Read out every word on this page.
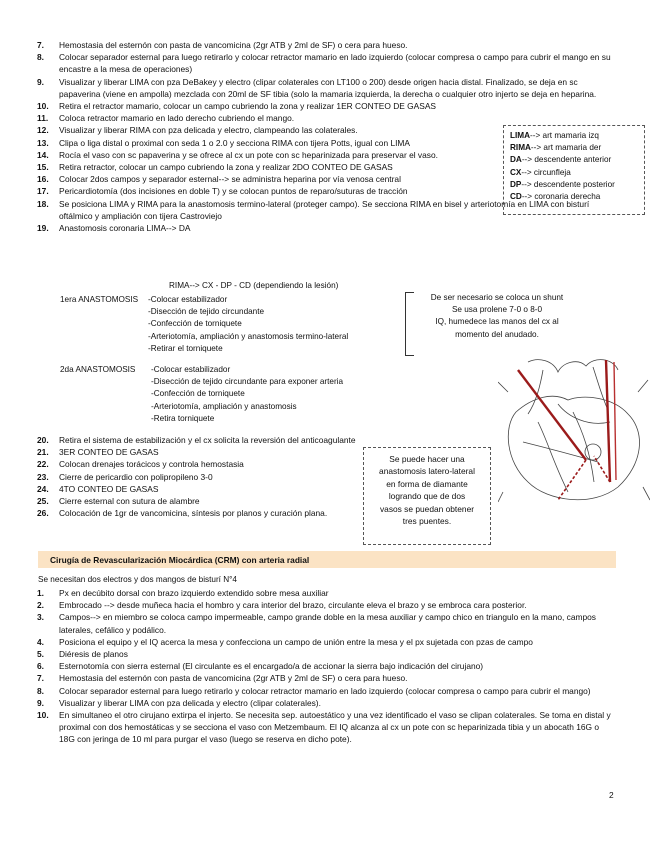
7. Hemostasia del esternón con pasta de vancomicina (2gr ATB y 2ml de SF) o cera para hueso.
8. Colocar separador esternal para luego retirarlo y colocar retractor mamario en lado izquierdo (colocar compresa o campo para cubrir el mango en su encastre a la mesa de operaciones)
9. Visualizar y liberar LIMA con pza DeBakey y electro (clipar colaterales con LT100 o 200) desde origen hacia distal. Finalizado, se deja en sc papaverina (viene en ampolla) mezclada con 20ml de SF tibia (solo la mamaria izquierda, la derecha o cualquier otro injerto se deja en heparina.
10. Retira el retractor mamario, colocar un campo cubriendo la zona y realizar 1ER CONTEO DE GASAS
11. Coloca retractor mamario en lado derecho cubriendo el mango.
12. Visualizar y liberar RIMA con pza delicada y electro, clampeando las colaterales.
13. Clipa o liga distal o proximal con seda 1 o 2.0 y secciona RIMA con tijera Potts, igual con LIMA
14. Rocía el vaso con sc papaverina y se ofrece al cx un pote con sc heparinizada para preservar el vaso.
15. Retira retractor, colocar un campo cubriendo la zona y realizar 2DO CONTEO DE GASAS
16. Colocar 2dos campos y separador esternal--> se administra heparina por vía venosa central
17. Pericardiotomía (dos incisiones en doble T) y se colocan puntos de reparo/suturas de tracción
18. Se posiciona LIMA y RIMA para la anastomosis termino-lateral (proteger campo). Se secciona RIMA en bisel y arteriotomía en LIMA con bisturí oftálmico y ampliación con tijera Castroviejo
19. Anastomosis coronaria LIMA--> DA
RIMA--> CX - DP - CD (dependiendo la lesión)
LIMA--> art mamaria izq
RIMA--> art mamaria der
DA--> descendente anterior
CX--> circunfleja
DP--> descendente posterior
CD--> coronaria derecha
1era ANASTOMOSIS -Colocar estabilizador
-Disección de tejido circundante
-Confección de torniquete
-Arteriotomía, ampliación y anastomosis termino-lateral
-Retirar el torniquete
De ser necesario se coloca un shunt
Se usa prolene 7-0 o 8-0
IQ, humedece las manos del cx al
momento del anudado.
2da ANASTOMOSIS -Colocar estabilizador
-Disección de tejido circundante para exponer arteria
-Confección de torniquete
-Arteriotomía, ampliación y anastomosis
-Retira torniquete
20. Retira el sistema de estabilización y el cx solicita la reversión del anticoagulante
21. 3ER CONTEO DE GASAS
22. Colocan drenajes torácicos y controla hemostasia
23. Cierre de pericardio con polipropileno 3-0
24. 4TO CONTEO DE GASAS
25. Cierre esternal con sutura de alambre
26. Colocación de 1gr de vancomicina, síntesis por planos y curación plana.
Se puede hacer una
anastomosis latero-lateral
en forma de diamante
logrando que de dos
vasos se puedan obtener
tres puentes.
Cirugía de Revascularización Miocárdica (CRM) con arteria radial
Se necesitan dos electros y dos mangos de bisturí N°4
1. Px en decúbito dorsal con brazo izquierdo extendido sobre mesa auxiliar
2. Embrocado --> desde muñeca hacia el hombro y cara interior del brazo, circulante eleva el brazo y se embroca cara posterior.
3. Campos--> en miembro se coloca campo impermeable, campo grande doble en la mesa auxiliar y campo chico en triangulo en la mano, campos laterales, cefálico y podálico.
4. Posiciona el equipo y el IQ acerca la mesa y confecciona un campo de unión entre la mesa y el px sujetada con pzas de campo
5. Diéresis de planos
6. Esternotomía con sierra esternal (El circulante es el encargado/a de accionar la sierra bajo indicación del cirujano)
7. Hemostasia del esternón con pasta de vancomicina (2gr ATB y 2ml de SF) o cera para hueso.
8. Colocar separador esternal para luego retirarlo y colocar retractor mamario en lado izquierdo (colocar compresa o campo para cubrir el mango)
9. Visualizar y liberar LIMA con pza delicada y electro (clipar colaterales).
10. En simultaneo el otro cirujano extirpa el injerto. Se necesita sep. autoestático y una vez identificado el vaso se clipan colaterales. Se toma en distal y proximal con dos hemostáticas y se secciona el vaso con Metzembaum. El IQ alcanza al cx un pote con sc heparinizada tibia y un abocath 16G o 18G con jeringa de 10 ml para purgar el vaso (luego se reserva en dicho pote).
2
